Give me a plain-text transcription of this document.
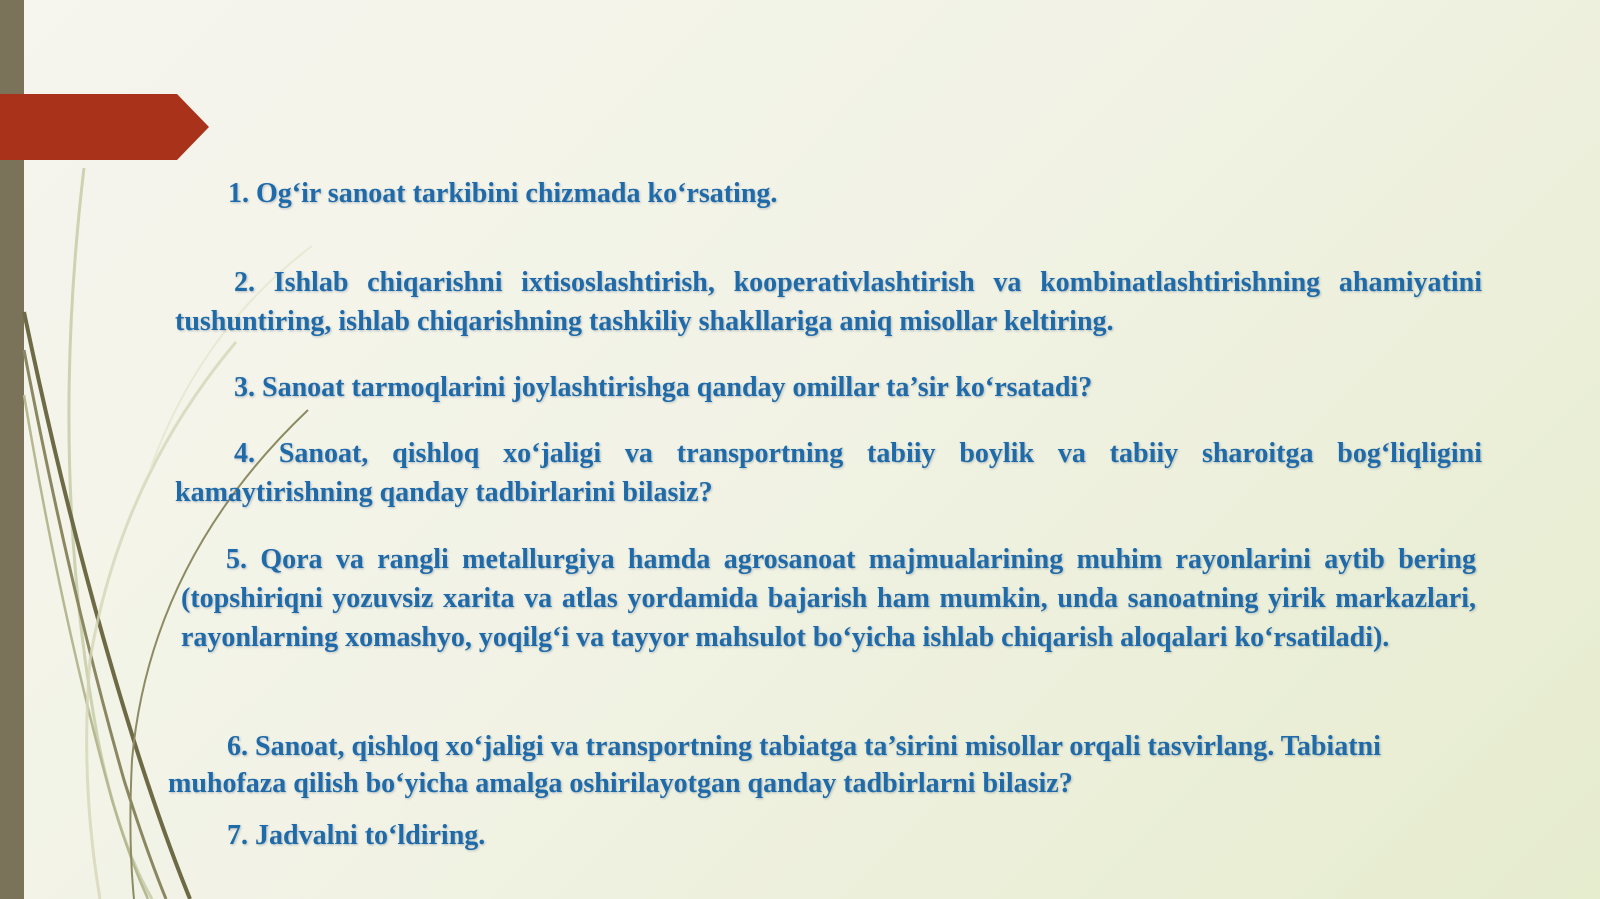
1. Og‘ir sanoat tarkibini chizmada ko‘rsating.

2. Ishlab chiqarishni ixtisoslashtirish, kooperativlashtirish va kombinatlashtirishning ahamiyatini tushuntiring, ishlab chiqarishning tashkiliy shakllariga aniq misollar keltiring.

3. Sanoat tarmoqlarini joylashtirishga qanday omillar ta’sir ko‘rsatadi?

4. Sanoat, qishloq xo‘jaligi va transportning tabiiy boylik va tabiiy sharoitga bog‘liqligini kamaytirishning qanday tadbirlarini bilasiz?

5. Qora va rangli metallurgiya hamda agrosanoat majmualarining muhim rayonlarini aytib bering (topshiriqni yozuvsiz xarita va atlas yordamida bajarish ham mumkin, unda sanoatning yirik markazlari, rayonlarning xomashyo, yoqilg‘i va tayyor mahsulot bo‘yicha ishlab chiqarish aloqalari ko‘rsatiladi).

6. Sanoat, qishloq xo‘jaligi va transportning tabiatga ta’sirini misollar orqali tasvirlang. Tabiatni muhofaza qilish bo‘yicha amalga oshirilayotgan qanday tadbirlarni bilasiz?

7. Jadvalni to‘ldiring.
